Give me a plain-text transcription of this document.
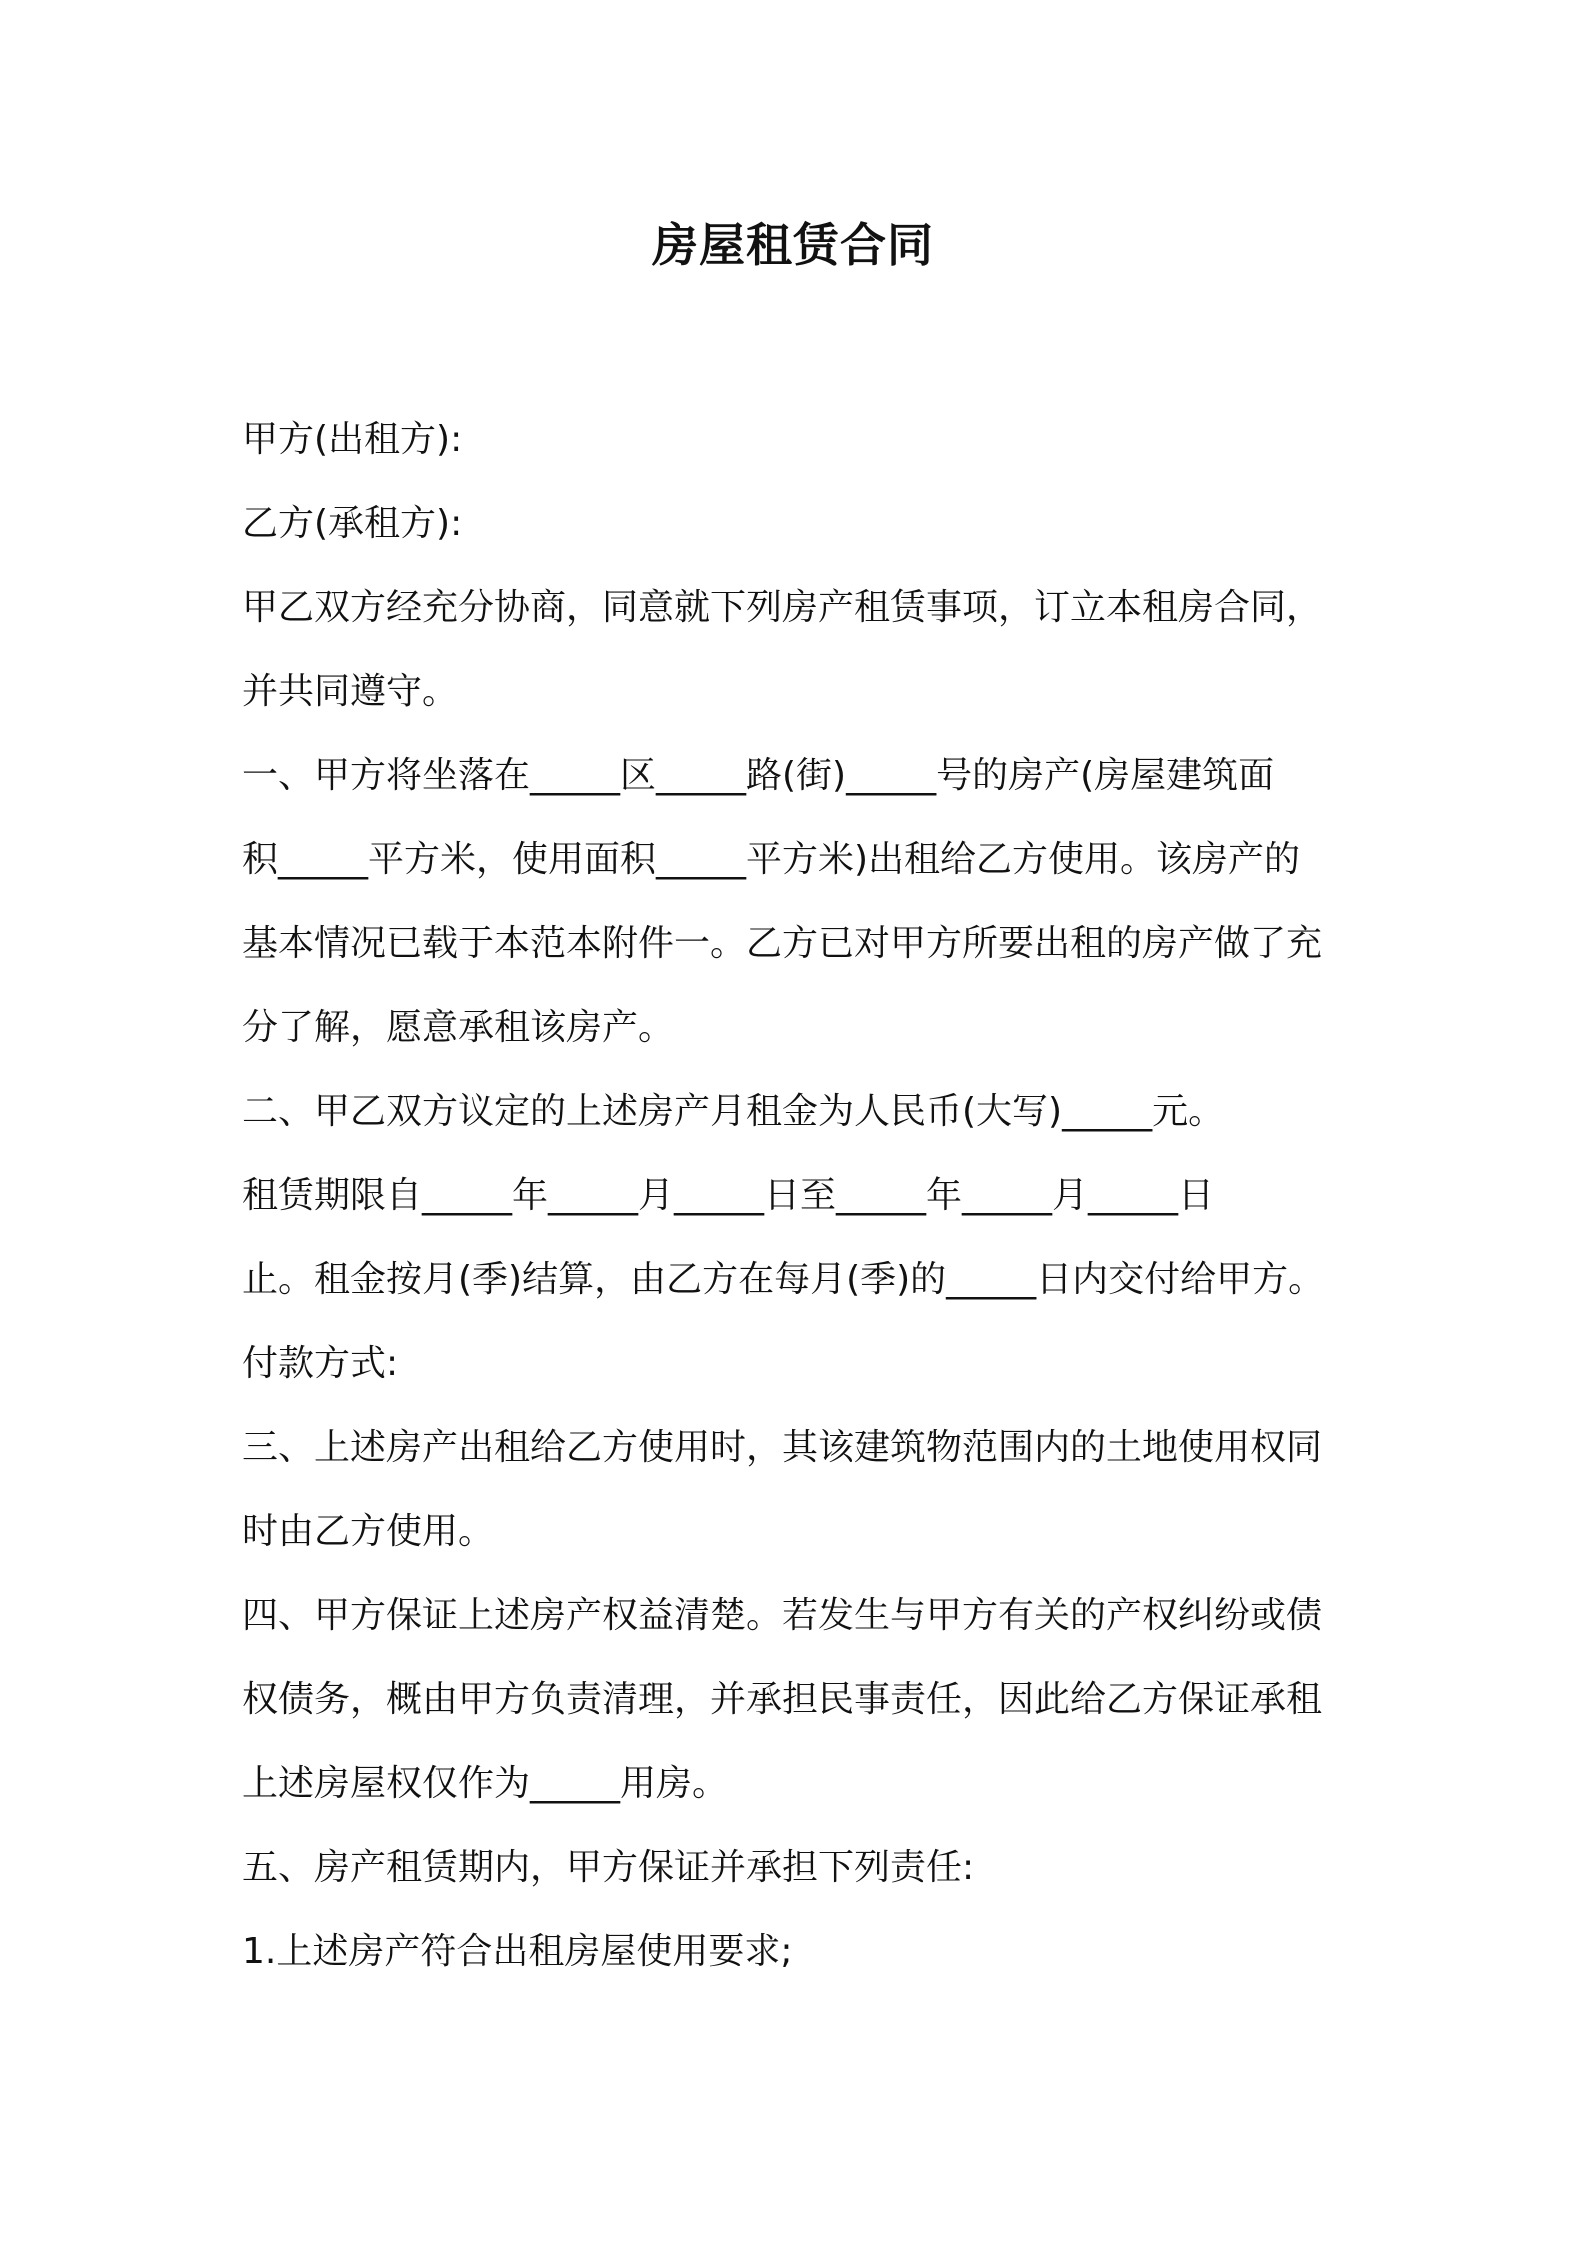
房屋租赁合同
甲方(出租方):
乙方(承租方):
甲乙双方经充分协商，同意就下列房产租赁事项，订立本租房合同，
并共同遵守。
一、甲方将坐落在_____区_____路(街)_____号的房产(房屋建筑面
积_____平方米，使用面积_____平方米)出租给乙方使用。该房产的
基本情况已载于本范本附件一。乙方已对甲方所要出租的房产做了充
分了解，愿意承租该房产。
二、甲乙双方议定的上述房产月租金为人民币(大写)_____元。
租赁期限自_____年_____月_____日至_____年_____月_____日
止。租金按月(季)结算，由乙方在每月(季)的_____日内交付给甲方。
付款方式:
三、上述房产出租给乙方使用时，其该建筑物范围内的土地使用权同
时由乙方使用。
四、甲方保证上述房产权益清楚。若发生与甲方有关的产权纠纷或债
权债务，概由甲方负责清理，并承担民事责任，因此给乙方保证承租
上述房屋权仅作为_____用房。
五、房产租赁期内，甲方保证并承担下列责任:
1.上述房产符合出租房屋使用要求;
